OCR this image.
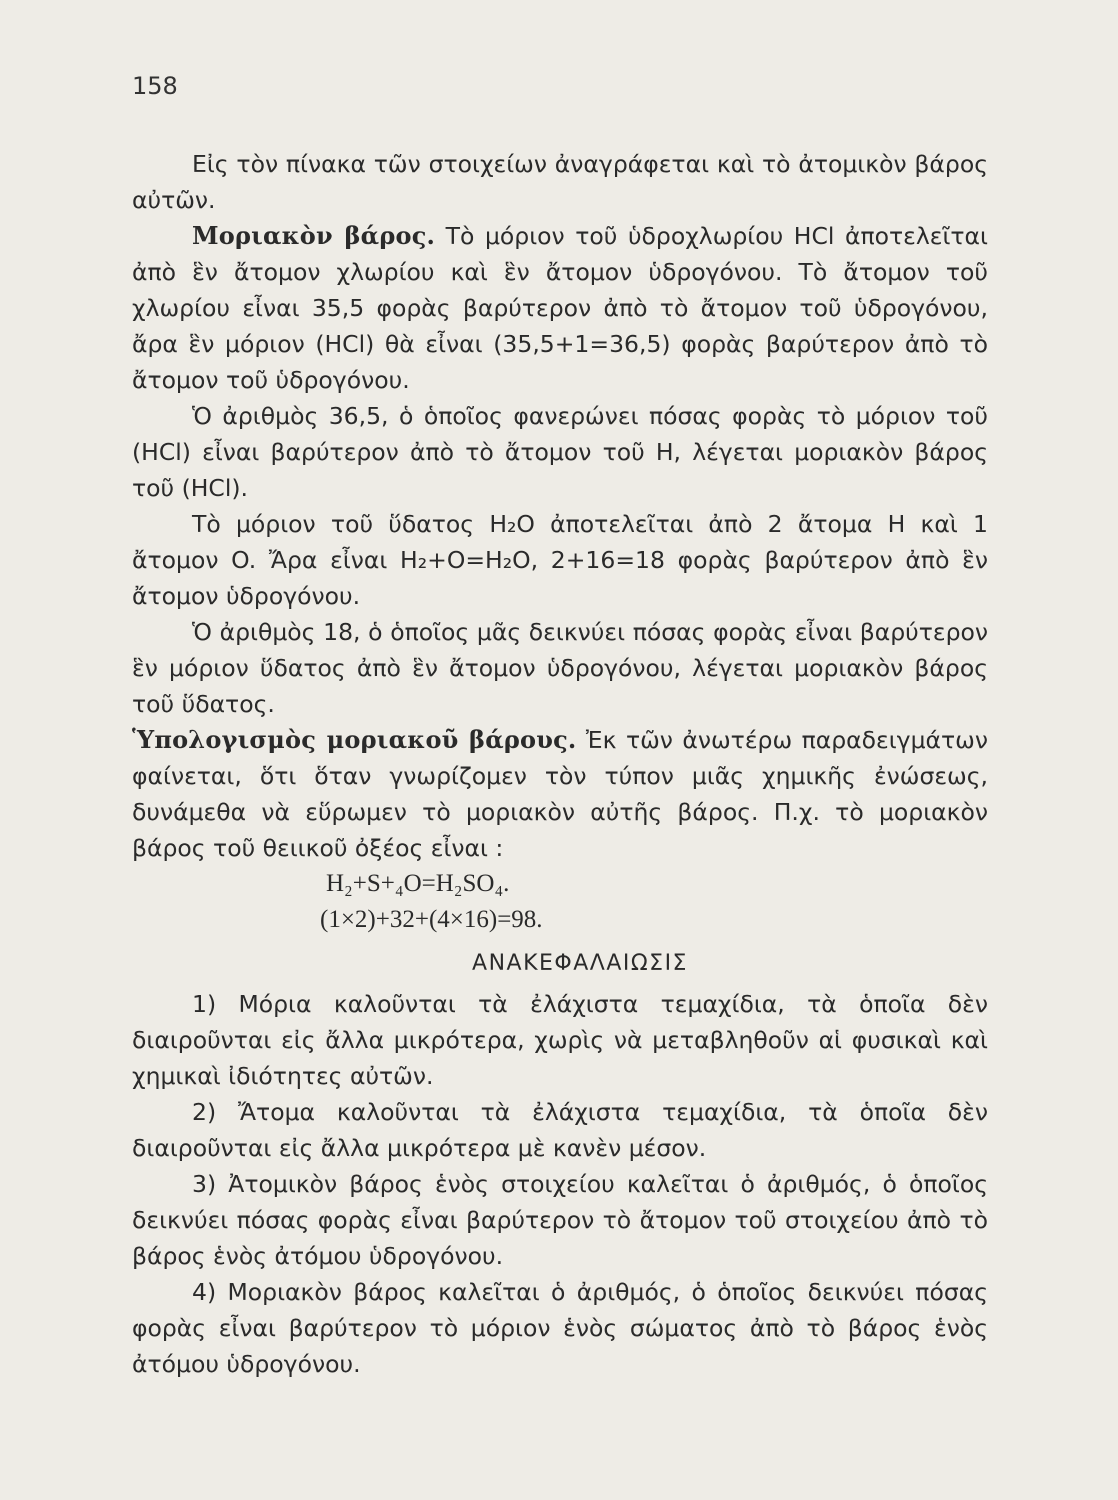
158

Εἰς τὸν πίνακα τῶν στοιχείων ἀναγράφεται καὶ τὸ ἀτομικὸν βάρος αὐτῶν.

Μοριακὸν βάρος. Τὸ μόριον τοῦ ὑδροχλωρίου HCl ἀποτελεῖται ἀπὸ ἓν ἄτομον χλωρίου καὶ ἓν ἄτομον ὑδρογόνου. Τὸ ἄτομον τοῦ χλωρίου εἶναι 35,5 φορὰς βαρύτερον ἀπὸ τὸ ἄτομον τοῦ ὑδρογόνου, ἄρα ἓν μόριον (HCl) θὰ εἶναι (35,5+1=36,5) φορὰς βαρύτερον ἀπὸ τὸ ἄτομον τοῦ ὑδρογόνου.

Ὁ ἀριθμὸς 36,5, ὁ ὁποῖος φανερώνει πόσας φορὰς τὸ μόριον τοῦ (HCl) εἶναι βαρύτερον ἀπὸ τὸ ἄτομον τοῦ H, λέγεται μοριακὸν βάρος τοῦ (HCl).

Τὸ μόριον τοῦ ὕδατος H₂O ἀποτελεῖται ἀπὸ 2 ἄτομα H καὶ 1 ἄτομον O. Ἄρα εἶναι H₂+O=H₂O, 2+16=18 φορὰς βαρύτερον ἀπὸ ἓν ἄτομον ὑδρογόνου.

Ὁ ἀριθμὸς 18, ὁ ὁποῖος μᾶς δεικνύει πόσας φορὰς εἶναι βαρύτερον ἓν μόριον ὕδατος ἀπὸ ἓν ἄτομον ὑδρογόνου, λέγεται μοριακὸν βάρος τοῦ ὕδατος.

Ὑπολογισμὸς μοριακοῦ βάρους. Ἐκ τῶν ἀνωτέρω παραδειγμάτων φαίνεται, ὅτι ὅταν γνωρίζομεν τὸν τύπον μιᾶς χημικῆς ἐνώσεως, δυνάμεθα νὰ εὕρωμεν τὸ μοριακὸν αὐτῆς βάρος. Π.χ. τὸ μοριακὸν βάρος τοῦ θειικοῦ ὀξέος εἶναι :

H₂+S+₄O=H₂SO₄.

(1×2)+32+(4×16)=98.

ΑΝΑΚΕΦΑΛΑΙΩΣΙΣ

1) Μόρια καλοῦνται τὰ ἐλάχιστα τεμαχίδια, τὰ ὁποῖα δὲν διαιροῦνται εἰς ἄλλα μικρότερα, χωρὶς νὰ μεταβληθοῦν αἱ φυσικαὶ καὶ χημικαὶ ἰδιότητες αὐτῶν.

2) Ἄτομα καλοῦνται τὰ ἐλάχιστα τεμαχίδια, τὰ ὁποῖα δὲν διαιροῦνται εἰς ἄλλα μικρότερα μὲ κανὲν μέσον.

3) Ἀτομικὸν βάρος ἑνὸς στοιχείου καλεῖται ὁ ἀριθμός, ὁ ὁποῖος δεικνύει πόσας φορὰς εἶναι βαρύτερον τὸ ἄτομον τοῦ στοιχείου ἀπὸ τὸ βάρος ἑνὸς ἀτόμου ὑδρογόνου.

4) Μοριακὸν βάρος καλεῖται ὁ ἀριθμός, ὁ ὁποῖος δεικνύει πόσας φορὰς εἶναι βαρύτερον τὸ μόριον ἑνὸς σώματος ἀπὸ τὸ βάρος ἑνὸς ἀτόμου ὑδρογόνου.
